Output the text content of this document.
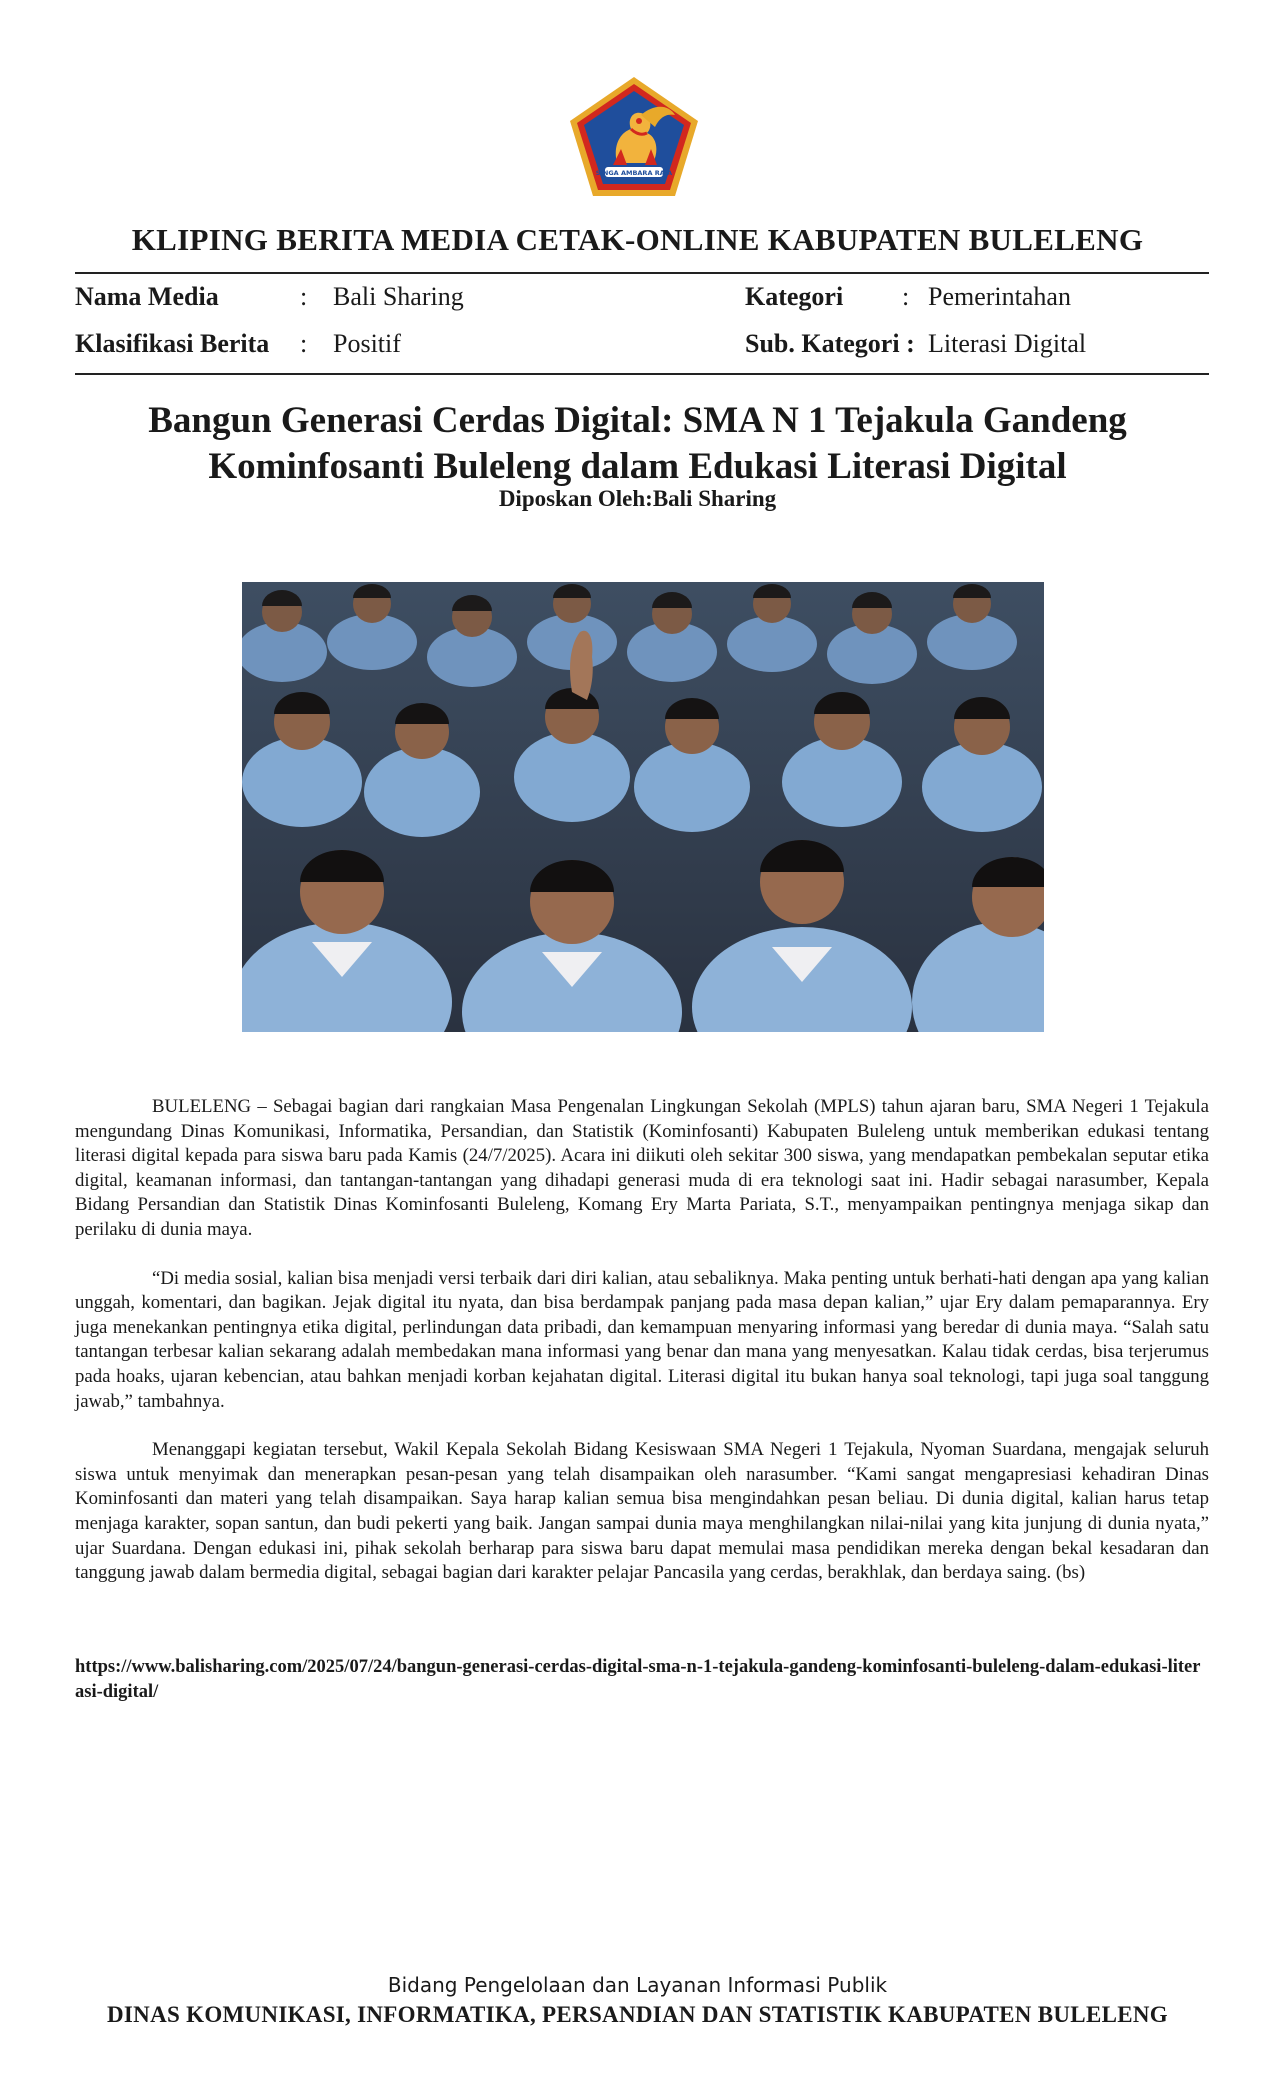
SINGA AMBARA RAJA
KLIPING BERITA MEDIA CETAK-ONLINE KABUPATEN BULELENG
Nama Media	: Bali Sharing	Kategori : Pemerintahan
Klasifikasi Berita : Positif	Sub. Kategori : Literasi Digital
Bangun Generasi Cerdas Digital: SMA N 1 Tejakula Gandeng
Kominfosanti Buleleng dalam Edukasi Literasi Digital
Diposkan Oleh:Bali Sharing

BULELENG – Sebagai bagian dari rangkaian Masa Pengenalan Lingkungan Sekolah (MPLS) tahun ajaran baru, SMA Negeri 1 Tejakula mengundang Dinas Komunikasi, Informatika, Persandian, dan Statistik (Kominfosanti) Kabupaten Buleleng untuk memberikan edukasi tentang literasi digital kepada para siswa baru pada Kamis (24/7/2025). Acara ini diikuti oleh sekitar 300 siswa, yang mendapatkan pembekalan seputar etika digital, keamanan informasi, dan tantangan-tantangan yang dihadapi generasi muda di era teknologi saat ini. Hadir sebagai narasumber, Kepala Bidang Persandian dan Statistik Dinas Kominfosanti Buleleng, Komang Ery Marta Pariata, S.T., menyampaikan pentingnya menjaga sikap dan perilaku di dunia maya.

“Di media sosial, kalian bisa menjadi versi terbaik dari diri kalian, atau sebaliknya. Maka penting untuk berhati-hati dengan apa yang kalian unggah, komentari, dan bagikan. Jejak digital itu nyata, dan bisa berdampak panjang pada masa depan kalian,” ujar Ery dalam pemaparannya. Ery juga menekankan pentingnya etika digital, perlindungan data pribadi, dan kemampuan menyaring informasi yang beredar di dunia maya. “Salah satu tantangan terbesar kalian sekarang adalah membedakan mana informasi yang benar dan mana yang menyesatkan. Kalau tidak cerdas, bisa terjerumus pada hoaks, ujaran kebencian, atau bahkan menjadi korban kejahatan digital. Literasi digital itu bukan hanya soal teknologi, tapi juga soal tanggung jawab,” tambahnya.

Menanggapi kegiatan tersebut, Wakil Kepala Sekolah Bidang Kesiswaan SMA Negeri 1 Tejakula, Nyoman Suardana, mengajak seluruh siswa untuk menyimak dan menerapkan pesan-pesan yang telah disampaikan oleh narasumber. “Kami sangat mengapresiasi kehadiran Dinas Kominfosanti dan materi yang telah disampaikan. Saya harap kalian semua bisa mengindahkan pesan beliau. Di dunia digital, kalian harus tetap menjaga karakter, sopan santun, dan budi pekerti yang baik. Jangan sampai dunia maya menghilangkan nilai-nilai yang kita junjung di dunia nyata,” ujar Suardana. Dengan edukasi ini, pihak sekolah berharap para siswa baru dapat memulai masa pendidikan mereka dengan bekal kesadaran dan tanggung jawab dalam bermedia digital, sebagai bagian dari karakter pelajar Pancasila yang cerdas, berakhlak, dan berdaya saing. (bs)

https://www.balisharing.com/2025/07/24/bangun-generasi-cerdas-digital-sma-n-1-tejakula-gandeng-kominfosanti-buleleng-dalam-edukasi-literasi-digital/
Bidang Pengelolaan dan Layanan Informasi Publik
DINAS KOMUNIKASI, INFORMATIKA, PERSANDIAN DAN STATISTIK KABUPATEN BULELENG
